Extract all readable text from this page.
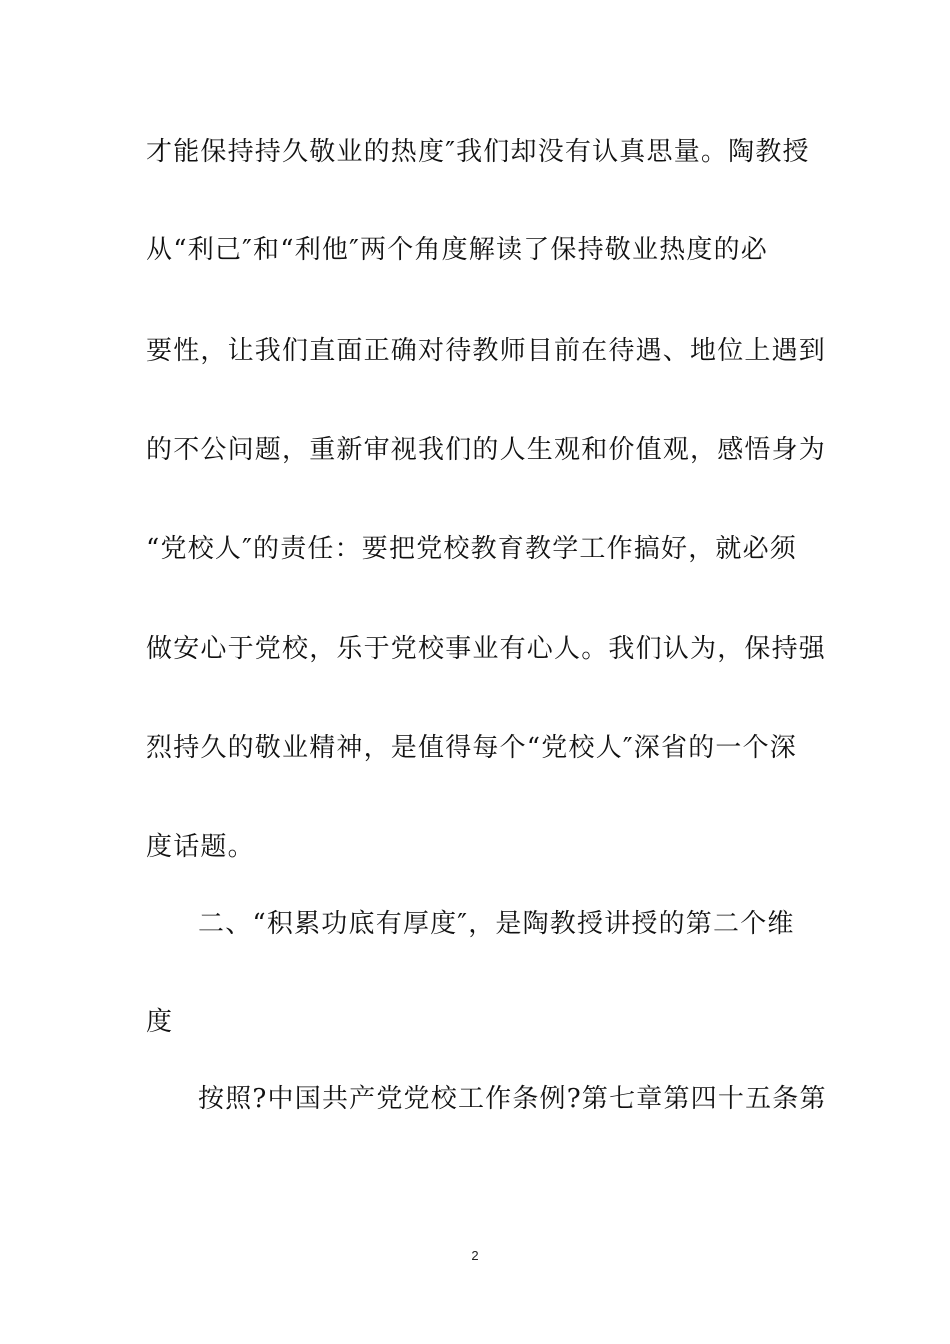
才能保持持久敬业的热度″我们却没有认真思量。陶教授
从“利己″和“利他″两个角度解读了保持敬业热度的必
要性，让我们直面正确对待教师目前在待遇、地位上遇到
的不公问题，重新审视我们的人生观和价值观，感悟身为
“党校人″的责任：要把党校教育教学工作搞好，就必须
做安心于党校，乐于党校事业有心人。我们认为，保持强
烈持久的敬业精神，是值得每个“党校人″深省的一个深
度话题。
二、“积累功底有厚度″，是陶教授讲授的第二个维
度
按照?中国共产党党校工作条例?第七章第四十五条第
2
